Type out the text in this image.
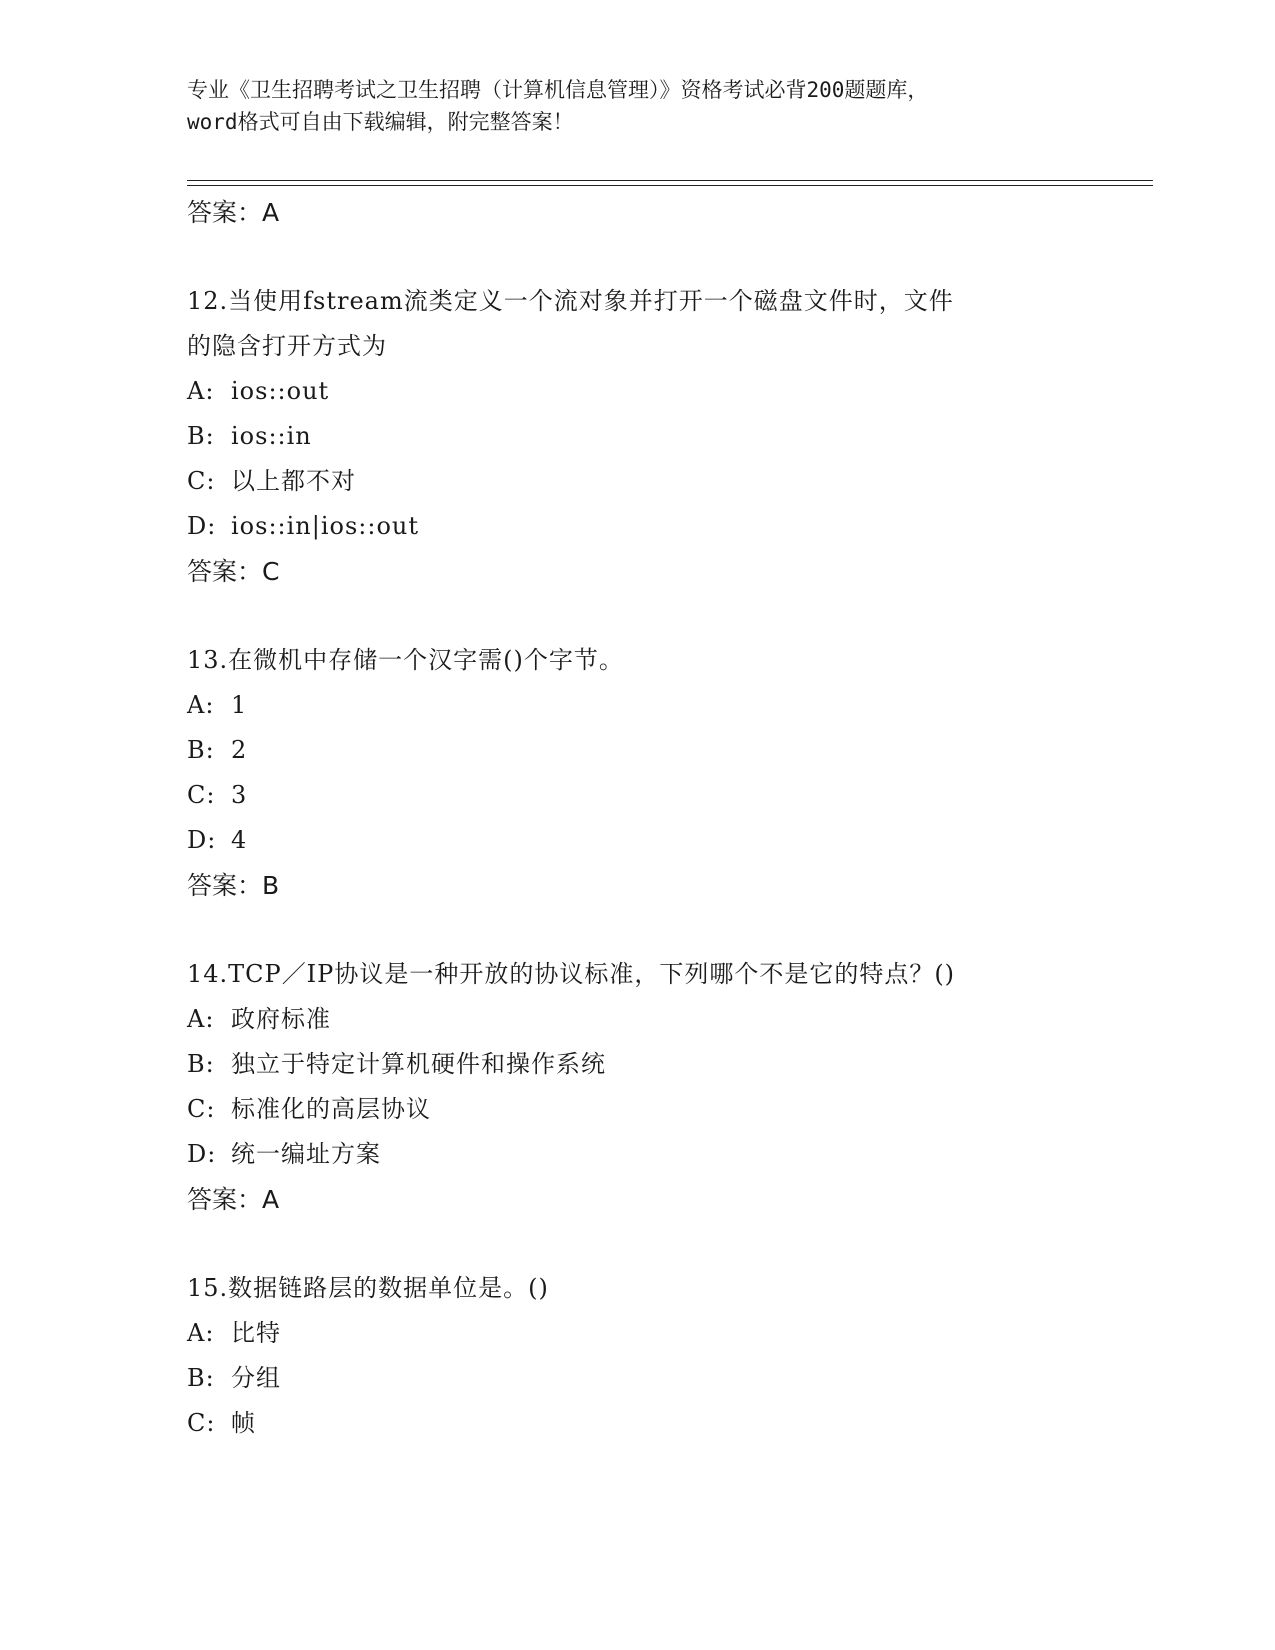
专业《卫生招聘考试之卫生招聘（计算机信息管理）》资格考试必背200题题库，
word格式可自由下载编辑，附完整答案！
答案：A
12.当使用fstream流类定义一个流对象并打开一个磁盘文件时，文件
的隐含打开方式为
A: ios::out
B: ios::in
C: 以上都不对
D: ios::in|ios::out
答案：C
13.在微机中存储一个汉字需()个字节。
A: 1
B: 2
C: 3
D: 4
答案：B
14.TCP／IP协议是一种开放的协议标准，下列哪个不是它的特点？()
A: 政府标准
B: 独立于特定计算机硬件和操作系统
C: 标准化的高层协议
D: 统一编址方案
答案：A
15.数据链路层的数据单位是。()
A: 比特
B: 分组
C: 帧
